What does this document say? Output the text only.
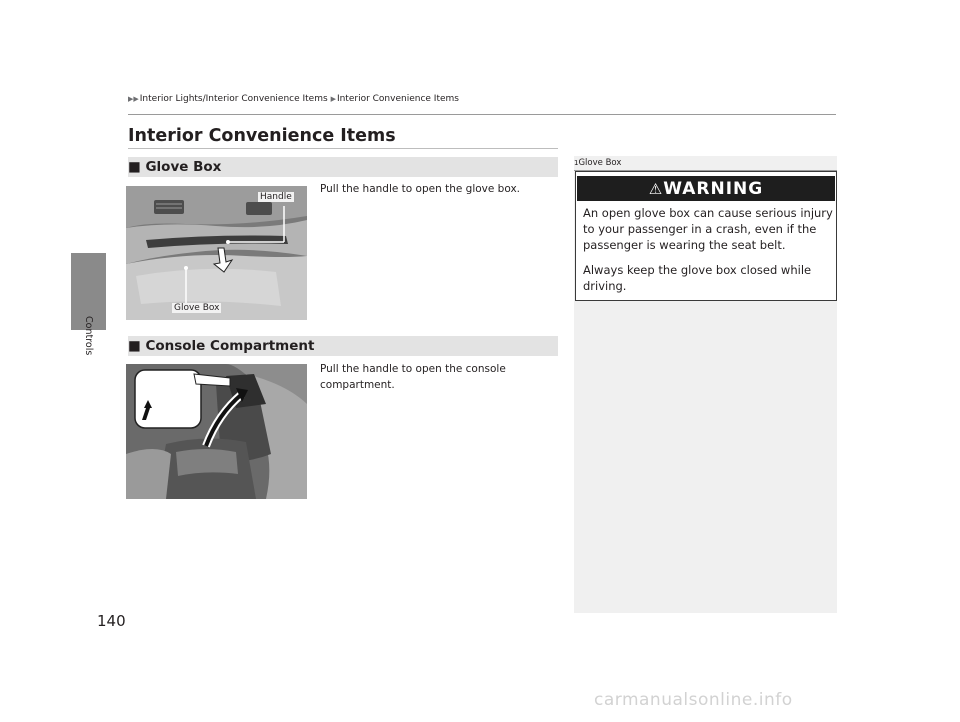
▶▶Interior Lights/Interior Convenience Items ▶Interior Convenience Items
Controls
140
Interior Convenience Items
■ Glove Box
Handle
Glove Box
Pull the handle to open the glove box.
■ Console Compartment
Pull the handle to open the console compartment.
1Glove Box
⚠WARNING
An open glove box can cause serious injury to your passenger in a crash, even if the passenger is wearing the seat belt.
Always keep the glove box closed while driving.
carmanualsonline.info
